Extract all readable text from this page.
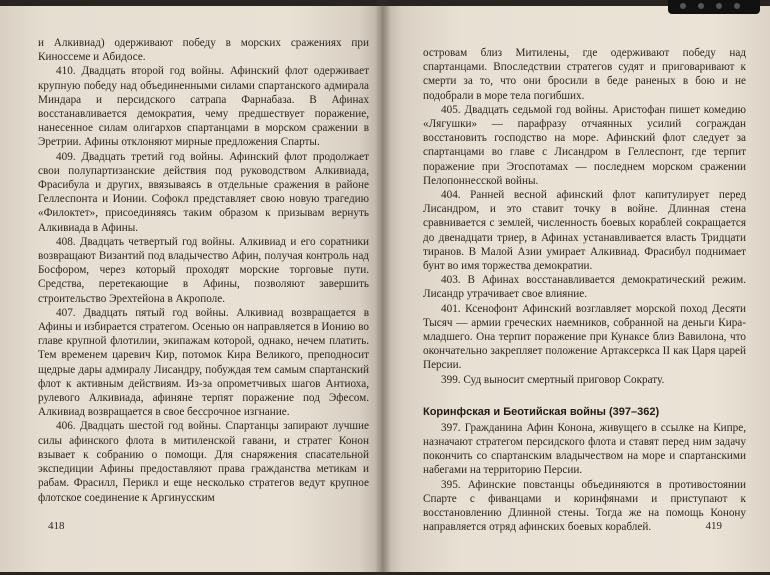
и Алкивиад) одерживают победу в морских сражениях при Киноссеме и Абидосе.

410. Двадцать второй год войны. Афинский флот одерживает крупную победу над объединенными силами спартанского адмирала Миндара и персидского сатрапа Фарнабаза. В Афинах восстанавливается демократия, чему предшествует поражение, нанесенное силам олигархов спартанцами в морском сражении в Эретрии. Афины отклоняют мирные предложения Спарты.

409. Двадцать третий год войны. Афинский флот продолжает свои полупартизанские действия под руководством Алкивиада, Фрасибула и других, ввязываясь в отдельные сражения в районе Геллеспонта и Ионии. Софокл представляет свою новую трагедию «Филоктет», присоединяясь таким образом к призывам вернуть Алкивиада в Афины.

408. Двадцать четвертый год войны. Алкивиад и его соратники возвращают Византий под владычество Афин, получая контроль над Босфором, через который проходят морские торговые пути. Средства, перетекающие в Афины, позволяют завершить строительство Эрехтейона в Акрополе.

407. Двадцать пятый год войны. Алкивиад возвращается в Афины и избирается стратегом. Осенью он направляется в Ионию во главе крупной флотилии, экипажам которой, однако, нечем платить. Тем временем царевич Кир, потомок Кира Великого, преподносит щедрые дары адмиралу Лисандру, побуждая тем самым спартанский флот к активным действиям. Из-за опрометчивых шагов Антиоха, рулевого Алкивиада, афиняне терпят поражение под Эфесом. Алкивиад возвращается в свое бессрочное изгнание.

406. Двадцать шестой год войны. Спартанцы запирают лучшие силы афинского флота в митиленской гавани, и стратег Конон взывает к собранию о помощи. Для снаряжения спасательной экспедиции Афины предоставляют права гражданства метикам и рабам. Фрасилл, Перикл и еще несколько стратегов ведут крупное флотское соединение к Аргинусским

418

островам близ Митилены, где одерживают победу над спартанцами. Впоследствии стратегов судят и приговаривают к смерти за то, что они бросили в беде раненых в бою и не подобрали в море тела погибших.

405. Двадцать седьмой год войны. Аристофан пишет комедию «Лягушки» — парафразу отчаянных усилий сограждан восстановить господство на море. Афинский флот следует за спартанцами во главе с Лисандром в Геллеспонт, где терпит поражение при Эгоспотамах — последнем морском сражении Пелопоннесской войны.

404. Ранней весной афинский флот капитулирует перед Лисандром, и это ставит точку в войне. Длинная стена сравнивается с землей, численность боевых кораблей сокращается до двенадцати триер, в Афинах устанавливается власть Тридцати тиранов. В Малой Азии умирает Алкивиад. Фрасибул поднимает бунт во имя торжества демократии.

403. В Афинах восстанавливается демократический режим. Лисандр утрачивает свое влияние.

401. Ксенофонт Афинский возглавляет морской поход Десяти Тысяч — армии греческих наемников, собранной на деньги Кира-младшего. Она терпит поражение при Кунаксе близ Вавилона, что окончательно закрепляет положение Артаксеркса II как Царя царей Персии.

399. Суд выносит смертный приговор Сократу.

Коринфская и Беотийская войны (397–362)

397. Гражданина Афин Конона, живущего в ссылке на Кипре, назначают стратегом персидского флота и ставят перед ним задачу покончить со спартанским владычеством на море и спартанскими набегами на территорию Персии.

395. Афинские повстанцы объединяются в противостоянии Спарте с фиванцами и коринфянами и приступают к восстановлению Длинной стены. Тогда же на помощь Конону направляется отряд афинских боевых кораблей.	419
